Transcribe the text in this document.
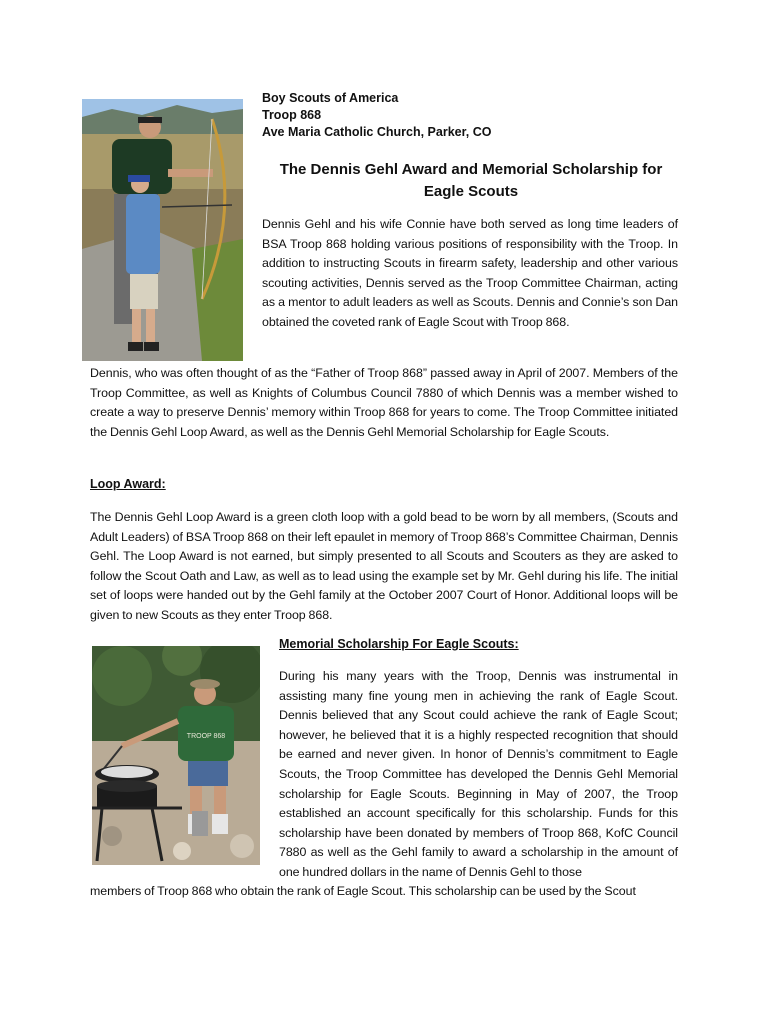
Boy Scouts of America
Troop 868
Ave Maria Catholic Church, Parker, CO
The Dennis Gehl Award and Memorial Scholarship for Eagle Scouts

Dennis Gehl and his wife Connie have both served as long time leaders of BSA Troop 868 holding various positions of responsibility with the Troop. In addition to instructing Scouts in firearm safety, leadership and other various scouting activities, Dennis served as the Troop Committee Chairman, acting as a mentor to adult leaders as well as Scouts. Dennis and Connie’s son Dan obtained the coveted rank of Eagle Scout with Troop 868.

Dennis, who was often thought of as the “Father of Troop 868” passed away in April of 2007. Members of the Troop Committee, as well as Knights of Columbus Council 7880 of which Dennis was a member wished to create a way to preserve Dennis’ memory within Troop 868 for years to come. The Troop Committee initiated the Dennis Gehl Loop Award, as well as the Dennis Gehl Memorial Scholarship for Eagle Scouts.

Loop Award:

The Dennis Gehl Loop Award is a green cloth loop with a gold bead to be worn by all members, (Scouts and Adult Leaders) of BSA Troop 868 on their left epaulet in memory of Troop 868’s Committee Chairman, Dennis Gehl. The Loop Award is not earned, but simply presented to all Scouts and Scouters as they are asked to follow the Scout Oath and Law, as well as to lead using the example set by Mr. Gehl during his life. The initial set of loops were handed out by the Gehl family at the October 2007 Court of Honor. Additional loops will be given to new Scouts as they enter Troop 868.

Memorial Scholarship For Eagle Scouts:
TROOP 868

During his many years with the Troop, Dennis was instrumental in assisting many fine young men in achieving the rank of Eagle Scout. Dennis believed that any Scout could achieve the rank of Eagle Scout; however, he believed that it is a highly respected recognition that should be earned and never given. In honor of Dennis’s commitment to Eagle Scouts, the Troop Committee has developed the Dennis Gehl Memorial scholarship for Eagle Scouts. Beginning in May of 2007, the Troop established an account specifically for this scholarship. Funds for this scholarship have been donated by members of Troop 868, KofC Council 7880 as well as the Gehl family to award a scholarship in the amount of one hundred dollars in the name of Dennis Gehl to those

members of Troop 868 who obtain the rank of Eagle Scout. This scholarship can be used by the Scout
